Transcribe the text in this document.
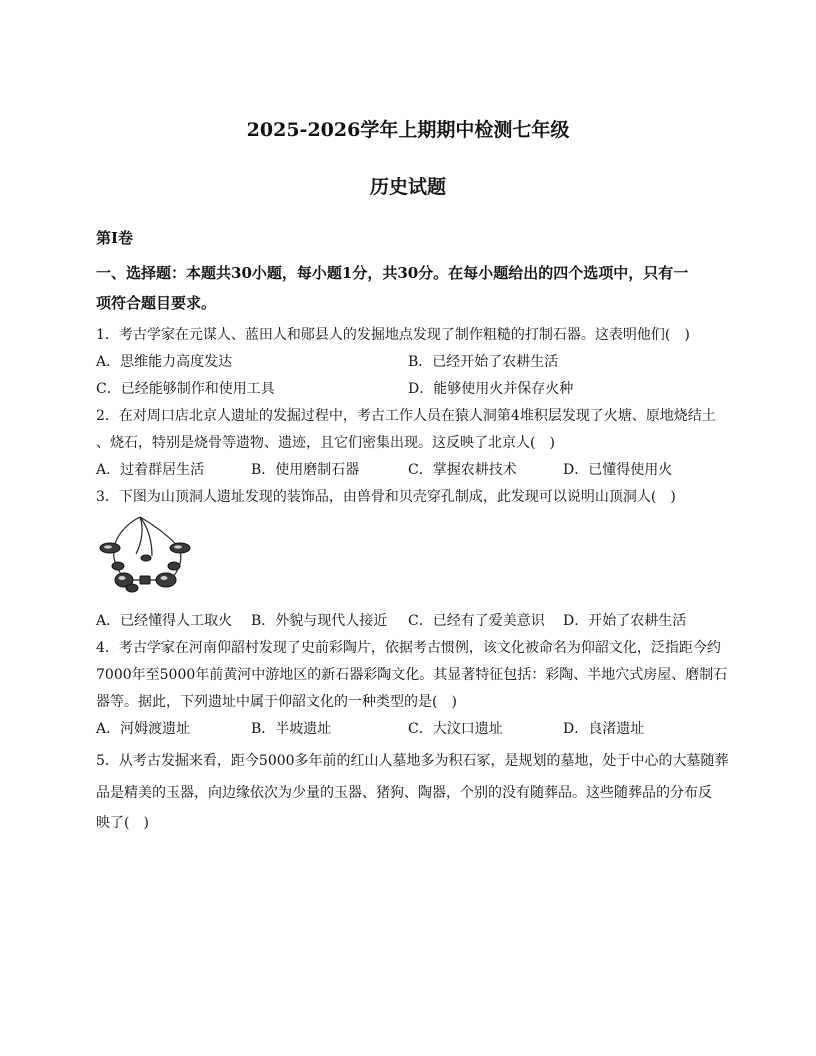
2025-2026学年上期期中检测七年级
历史试题
第Ⅰ卷
一、选择题：本题共30小题，每小题1分，共30分。在每小题给出的四个选项中，只有一
项符合题目要求。
1．考古学家在元谋人、蓝田人和郧县人的发掘地点发现了制作粗糙的打制石器。这表明他们(　)
A．思维能力高度发达	B．已经开始了农耕生活
C．已经能够制作和使用工具	D．能够使用火并保存火种
2．在对周口店北京人遗址的发掘过程中，考古工作人员在猿人洞第4堆积层发现了火塘、原地烧结土
、烧石，特别是烧骨等遗物、遗迹，且它们密集出现。这反映了北京人(　)
A．过着群居生活	B．使用磨制石器	C．掌握农耕技术	D．已懂得使用火
3．下图为山顶洞人遗址发现的装饰品，由兽骨和贝壳穿孔制成，此发现可以说明山顶洞人(　)
A．已经懂得人工取火 B．外貌与现代人接近 C．已经有了爱美意识 D．开始了农耕生活
4．考古学家在河南仰韶村发现了史前彩陶片，依据考古惯例，该文化被命名为仰韶文化，泛指距今约
7000年至5000年前黄河中游地区的新石器彩陶文化。其显著特征包括：彩陶、半地穴式房屋、磨制石
器等。据此，下列遗址中属于仰韶文化的一种类型的是(　)
A．河姆渡遗址	B．半坡遗址	C．大汶口遗址	D．良渚遗址
5．从考古发掘来看，距今5000多年前的红山人墓地多为积石冢，是规划的墓地，处于中心的大墓随葬
品是精美的玉器，向边缘依次为少量的玉器、猪狗、陶器，个别的没有随葬品。这些随葬品的分布反
映了(　)
